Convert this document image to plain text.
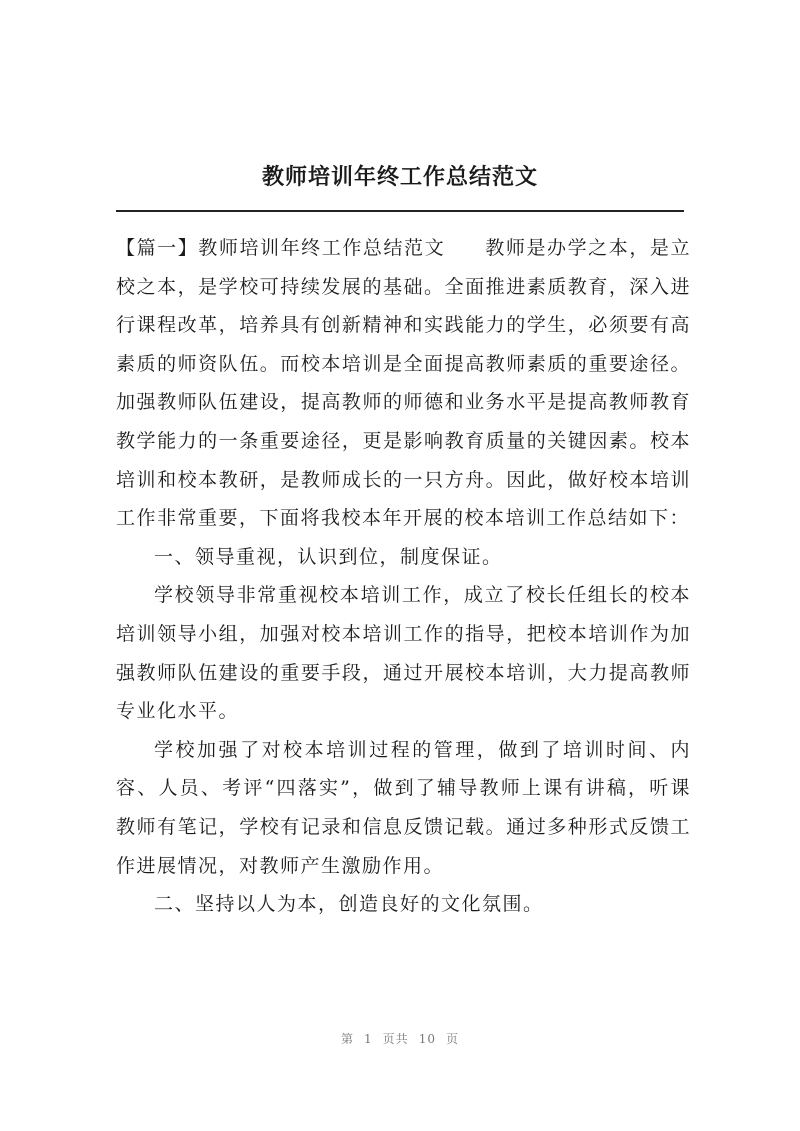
教师培训年终工作总结范文

【篇一】教师培训年终工作总结范文 教师是办学之本，是立校之本，是学校可持续发展的基础。全面推进素质教育，深入进行课程改革，培养具有创新精神和实践能力的学生，必须要有高素质的师资队伍。而校本培训是全面提高教师素质的重要途径。加强教师队伍建设，提高教师的师德和业务水平是提高教师教育教学能力的一条重要途径，更是影响教育质量的关键因素。校本培训和校本教研，是教师成长的一只方舟。因此，做好校本培训工作非常重要，下面将我校本年开展的校本培训工作总结如下：

一、领导重视，认识到位，制度保证。

学校领导非常重视校本培训工作，成立了校长任组长的校本培训领导小组，加强对校本培训工作的指导，把校本培训作为加强教师队伍建设的重要手段，通过开展校本培训，大力提高教师专业化水平。

学校加强了对校本培训过程的管理，做到了培训时间、内容、人员、考评“四落实”，做到了辅导教师上课有讲稿，听课教师有笔记，学校有记录和信息反馈记载。通过多种形式反馈工作进展情况，对教师产生激励作用。

二、坚持以人为本，创造良好的文化氛围。

第 1 页共 10 页
